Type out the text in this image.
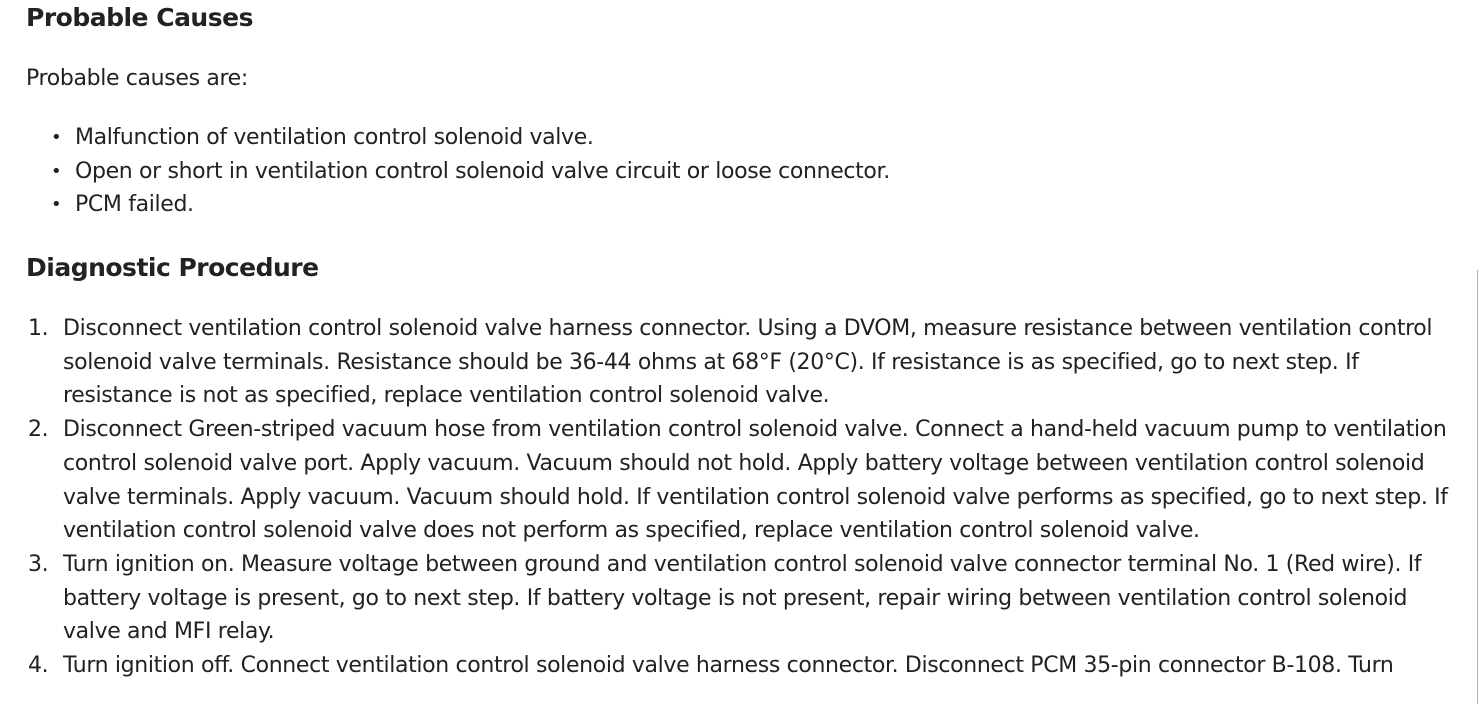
Probable Causes

Probable causes are:

• Malfunction of ventilation control solenoid valve.
• Open or short in ventilation control solenoid valve circuit or loose connector.
• PCM failed.
Diagnostic Procedure
1. Disconnect ventilation control solenoid valve harness connector. Using a DVOM, measure resistance between ventilation control solenoid valve terminals. Resistance should be 36-44 ohms at 68°F (20°C). If resistance is as specified, go to next step. If resistance is not as specified, replace ventilation control solenoid valve.
2. Disconnect Green-striped vacuum hose from ventilation control solenoid valve. Connect a hand-held vacuum pump to ventilation control solenoid valve port. Apply vacuum. Vacuum should not hold. Apply battery voltage between ventilation control solenoid valve terminals. Apply vacuum. Vacuum should hold. If ventilation control solenoid valve performs as specified, go to next step. If ventilation control solenoid valve does not perform as specified, replace ventilation control solenoid valve.
3. Turn ignition on. Measure voltage between ground and ventilation control solenoid valve connector terminal No. 1 (Red wire). If battery voltage is present, go to next step. If battery voltage is not present, repair wiring between ventilation control solenoid valve and MFI relay.
4. Turn ignition off. Connect ventilation control solenoid valve harness connector. Disconnect PCM 35-pin connector B-108. Turn
